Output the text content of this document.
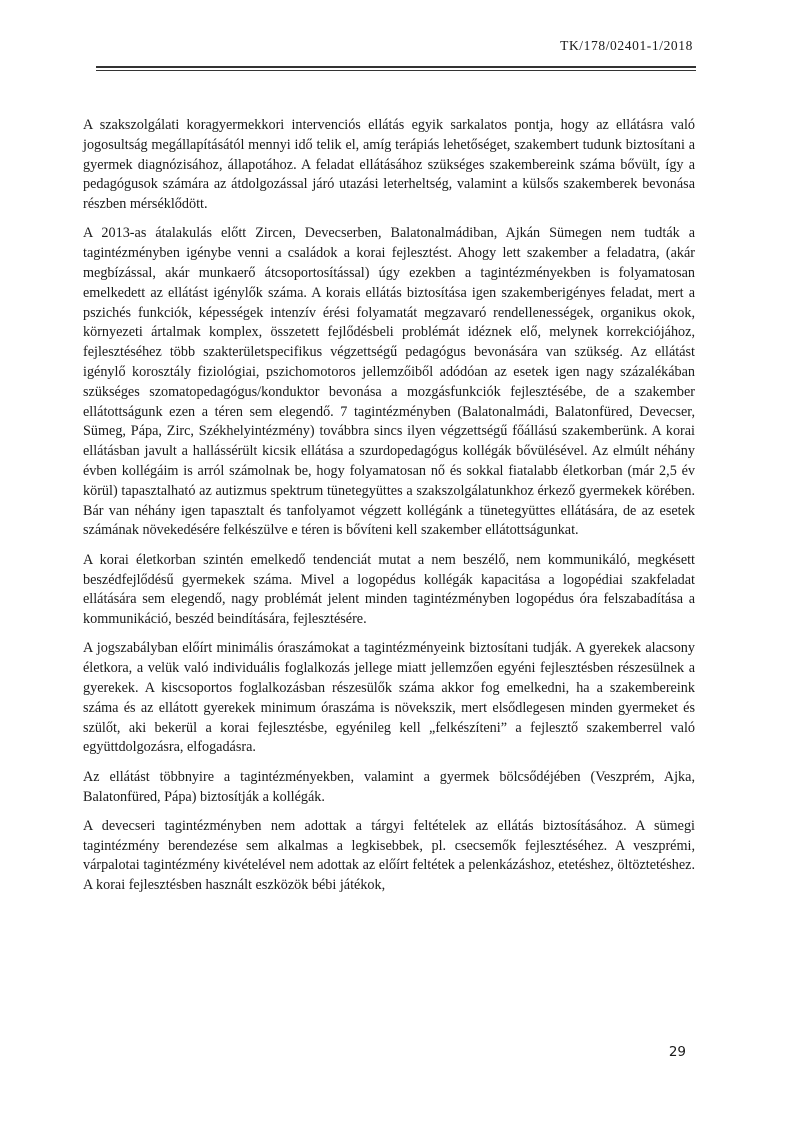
TK/178/02401-1/2018

A szakszolgálati koragyermekkori intervenciós ellátás egyik sarkalatos pontja, hogy az ellátásra való jogosultság megállapításától mennyi idő telik el, amíg terápiás lehetőséget, szakembert tudunk biztosítani a gyermek diagnózisához, állapotához. A feladat ellátásához szükséges szakembereink száma bővült, így a pedagógusok számára az átdolgozással járó utazási leterheltség, valamint a külsős szakemberek bevonása részben mérséklődött.

A 2013-as átalakulás előtt Zircen, Devecserben, Balatonalmádiban, Ajkán Sümegen nem tudták a tagintézményben igénybe venni a családok a korai fejlesztést. Ahogy lett szakember a feladatra, (akár megbízással, akár munkaerő átcsoportosítással) úgy ezekben a tagintézményekben is folyamatosan emelkedett az ellátást igénylők száma. A korais ellátás biztosítása igen szakemberigényes feladat, mert a pszichés funkciók, képességek intenzív érési folyamatát megzavaró rendellenességek, organikus okok, környezeti ártalmak komplex, összetett fejlődésbeli problémát idéznek elő, melynek korrekciójához, fejlesztéséhez több szakterületspecifikus végzettségű pedagógus bevonására van szükség. Az ellátást igénylő korosztály fiziológiai, pszichomotoros jellemzőiből adódóan az esetek igen nagy százalékában szükséges szomatopedagógus/konduktor bevonása a mozgásfunkciók fejlesztésébe, de a szakember ellátottságunk ezen a téren sem elegendő. 7 tagintézményben (Balatonalmádi, Balatonfüred, Devecser, Sümeg, Pápa, Zirc, Székhelyintézmény) továbbra sincs ilyen végzettségű főállású szakemberünk. A korai ellátásban javult a hallássérült kicsik ellátása a szurdopedagógus kollégák bővülésével. Az elmúlt néhány évben kollégáim is arról számolnak be, hogy folyamatosan nő és sokkal fiatalabb életkorban (már 2,5 év körül) tapasztalható az autizmus spektrum tünetegyüttes a szakszolgálatunkhoz érkező gyermekek körében. Bár van néhány igen tapasztalt és tanfolyamot végzett kollégánk a tünetegyüttes ellátására, de az esetek számának növekedésére felkészülve e téren is bővíteni kell szakember ellátottságunkat.

A korai életkorban szintén emelkedő tendenciát mutat a nem beszélő, nem kommunikáló, megkésett beszédfejlődésű gyermekek száma. Mivel a logopédus kollégák kapacitása a logopédiai szakfeladat ellátására sem elegendő, nagy problémát jelent minden tagintézményben logopédus óra felszabadítása a kommunikáció, beszéd beindítására, fejlesztésére.

A jogszabályban előírt minimális óraszámokat a tagintézményeink biztosítani tudják. A gyerekek alacsony életkora, a velük való individuális foglalkozás jellege miatt jellemzően egyéni fejlesztésben részesülnek a gyerekek. A kiscsoportos foglalkozásban részesülők száma akkor fog emelkedni, ha a szakembereink száma és az ellátott gyerekek minimum óraszáma is növekszik, mert elsődlegesen minden gyermeket és szülőt, aki bekerül a korai fejlesztésbe, egyénileg kell „felkészíteni” a fejlesztő szakemberrel való együttdolgozásra, elfogadásra.

Az ellátást többnyire a tagintézményekben, valamint a gyermek bölcsődéjében (Veszprém, Ajka, Balatonfüred, Pápa) biztosítják a kollégák.

A devecseri tagintézményben nem adottak a tárgyi feltételek az ellátás biztosításához. A sümegi tagintézmény berendezése sem alkalmas a legkisebbek, pl. csecsemők fejlesztéséhez. A veszprémi, várpalotai tagintézmény kivételével nem adottak az előírt feltétek a pelenkázáshoz, etetéshez, öltöztetéshez. A korai fejlesztésben használt eszközök bébi játékok,

29
